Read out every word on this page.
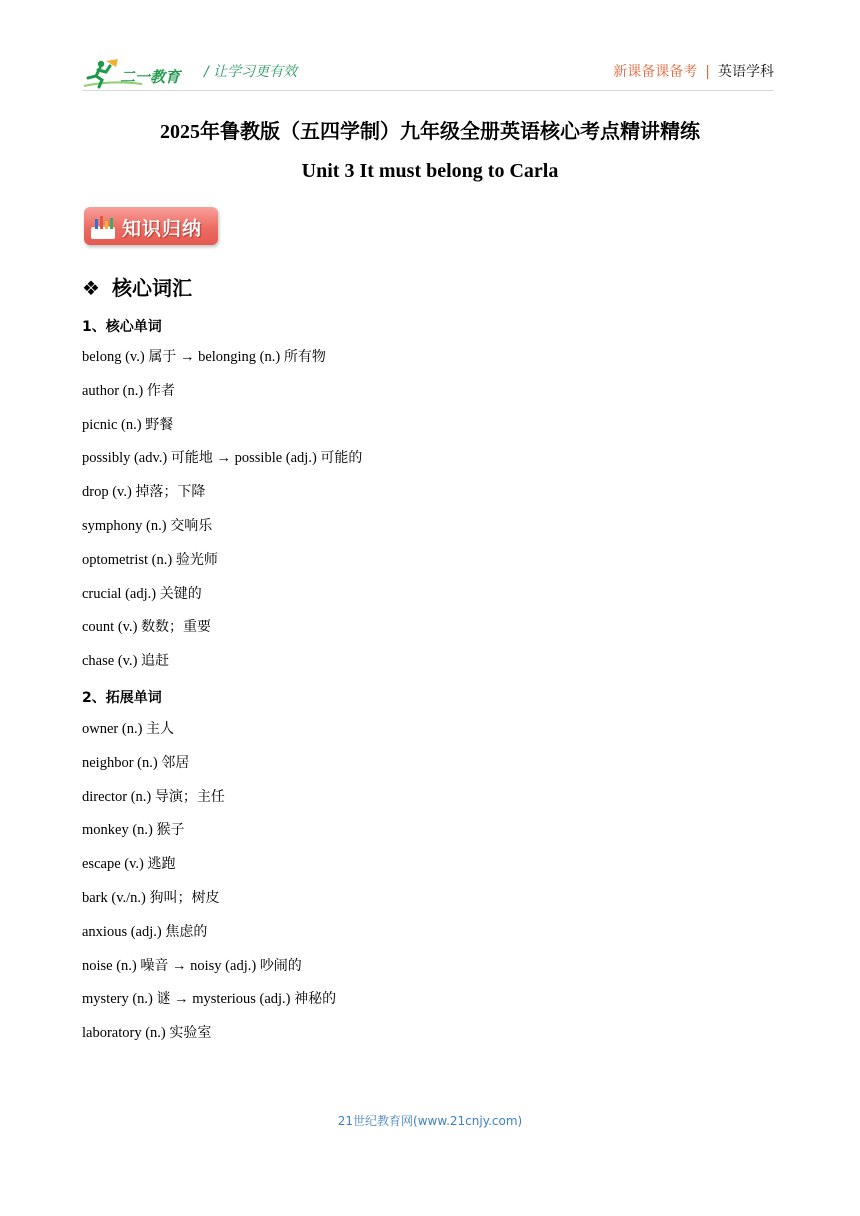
二一教育 / 让学习更有效	新课备课备考 | 英语学科
2025年鲁教版（五四学制）九年级全册英语核心考点精讲精练
Unit 3 It must belong to Carla
知识归纳
❖ 核心词汇
1、核心单词
belong (v.) 属于 → belonging (n.) 所有物
author (n.) 作者
picnic (n.) 野餐
possibly (adv.) 可能地 → possible (adj.) 可能的
drop (v.) 掉落；下降
symphony (n.) 交响乐
optometrist (n.) 验光师
crucial (adj.) 关键的
count (v.) 数数；重要
chase (v.) 追赶
2、拓展单词
owner (n.) 主人
neighbor (n.) 邻居
director (n.) 导演；主任
monkey (n.) 猴子
escape (v.) 逃跑
bark (v./n.) 狗叫；树皮
anxious (adj.) 焦虑的
noise (n.) 噪音 → noisy (adj.) 吵闹的
mystery (n.) 谜 → mysterious (adj.) 神秘的
laboratory (n.) 实验室
21世纪教育网(www.21cnjy.com)
